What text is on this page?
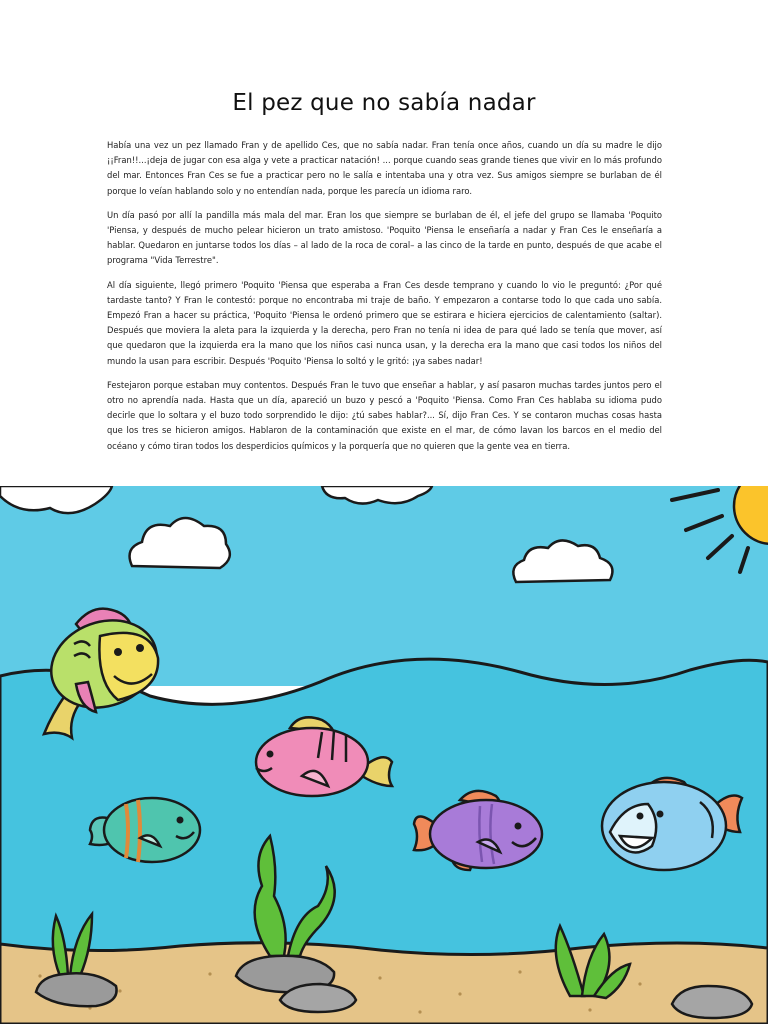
El pez que no sabía nadar

Había una vez un pez llamado Fran y de apellido Ces, que no sabía nadar. Fran tenía once años, cuando un día su madre le dijo ¡¡Fran!!...¡deja de jugar con esa alga y vete a practicar natación! ... porque cuando seas grande tienes que vivir en lo más profundo del mar. Entonces Fran Ces se fue a practicar pero no le salía e intentaba una y otra vez. Sus amigos siempre se burlaban de él porque lo veían hablando solo y no entendían nada, porque les parecía un idioma raro.

Un día pasó por allí la pandilla más mala del mar. Eran los que siempre se burlaban de él, el jefe del grupo se llamaba 'Poquito 'Piensa, y después de mucho pelear hicieron un trato amistoso. 'Poquito 'Piensa le enseñaría a nadar y Fran Ces le enseñaría a hablar. Quedaron en juntarse todos los días – al lado de la roca de coral– a las cinco de la tarde en punto, después de que acabe el programa "Vida Terrestre".

Al día siguiente, llegó primero 'Poquito 'Piensa que esperaba a Fran Ces desde temprano y cuando lo vio le preguntó: ¿Por qué tardaste tanto? Y Fran le contestó: porque no encontraba mi traje de baño. Y empezaron a contarse todo lo que cada uno sabía. Empezó Fran a hacer su práctica, 'Poquito 'Piensa le ordenó primero que se estirara e hiciera ejercicios de calentamiento (saltar). Después que moviera la aleta para la izquierda y la derecha, pero Fran no tenía ni idea de para qué lado se tenía que mover, así que quedaron que la izquierda era la mano que los niños casi nunca usan, y la derecha era la mano que casi todos los niños del mundo la usan para escribir. Después 'Poquito 'Piensa lo soltó y le gritó: ¡ya sabes nadar!

Festejaron porque estaban muy contentos. Después Fran le tuvo que enseñar a hablar, y así pasaron muchas tardes juntos pero el otro no aprendía nada. Hasta que un día, apareció un buzo y pescó a 'Poquito 'Piensa. Como Fran Ces hablaba su idioma pudo decirle que lo soltara y el buzo todo sorprendido le dijo: ¿tú sabes hablar?... Sí, dijo Fran Ces. Y se contaron muchas cosas hasta que los tres se hicieron amigos. Hablaron de la contaminación que existe en el mar, de cómo lavan los barcos en el medio del océano y cómo tiran todos los desperdicios químicos y la porquería que no quieren que la gente vea en tierra.
